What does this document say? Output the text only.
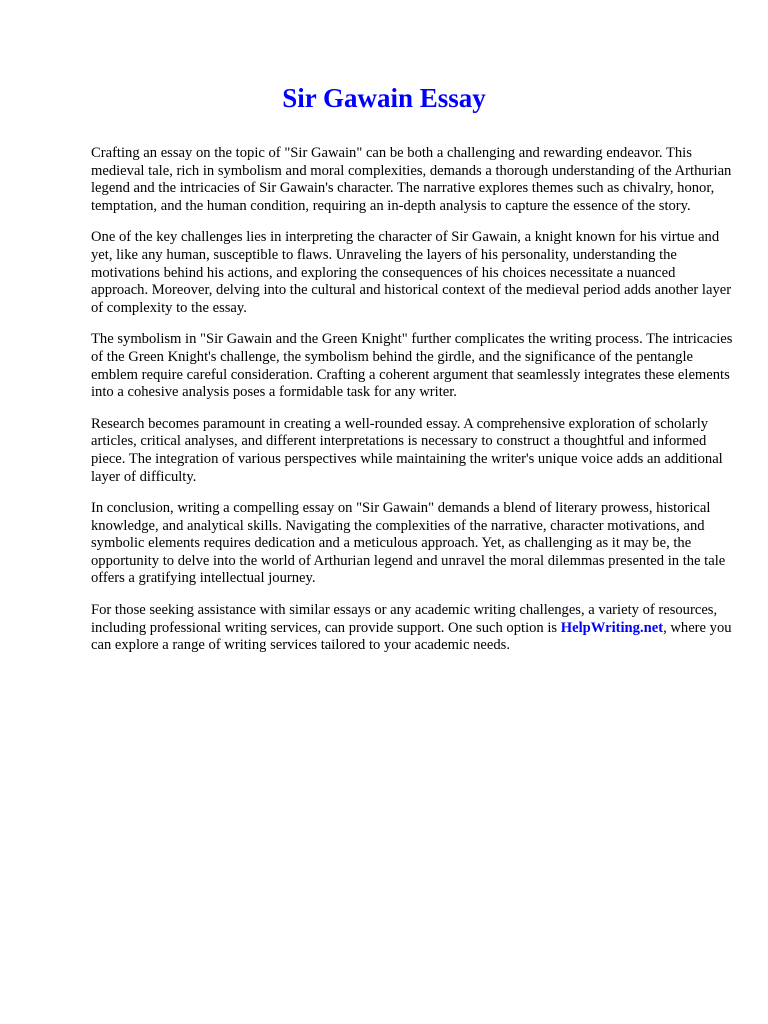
Sir Gawain Essay

Crafting an essay on the topic of "Sir Gawain" can be both a challenging and rewarding endeavor. This medieval tale, rich in symbolism and moral complexities, demands a thorough understanding of the Arthurian legend and the intricacies of Sir Gawain's character. The narrative explores themes such as chivalry, honor, temptation, and the human condition, requiring an in-depth analysis to capture the essence of the story.

One of the key challenges lies in interpreting the character of Sir Gawain, a knight known for his virtue and yet, like any human, susceptible to flaws. Unraveling the layers of his personality, understanding the motivations behind his actions, and exploring the consequences of his choices necessitate a nuanced approach. Moreover, delving into the cultural and historical context of the medieval period adds another layer of complexity to the essay.

The symbolism in "Sir Gawain and the Green Knight" further complicates the writing process. The intricacies of the Green Knight's challenge, the symbolism behind the girdle, and the significance of the pentangle emblem require careful consideration. Crafting a coherent argument that seamlessly integrates these elements into a cohesive analysis poses a formidable task for any writer.

Research becomes paramount in creating a well-rounded essay. A comprehensive exploration of scholarly articles, critical analyses, and different interpretations is necessary to construct a thoughtful and informed piece. The integration of various perspectives while maintaining the writer's unique voice adds an additional layer of difficulty.

In conclusion, writing a compelling essay on "Sir Gawain" demands a blend of literary prowess, historical knowledge, and analytical skills. Navigating the complexities of the narrative, character motivations, and symbolic elements requires dedication and a meticulous approach. Yet, as challenging as it may be, the opportunity to delve into the world of Arthurian legend and unravel the moral dilemmas presented in the tale offers a gratifying intellectual journey.

For those seeking assistance with similar essays or any academic writing challenges, a variety of resources, including professional writing services, can provide support. One such option is HelpWriting.net, where you can explore a range of writing services tailored to your academic needs.
